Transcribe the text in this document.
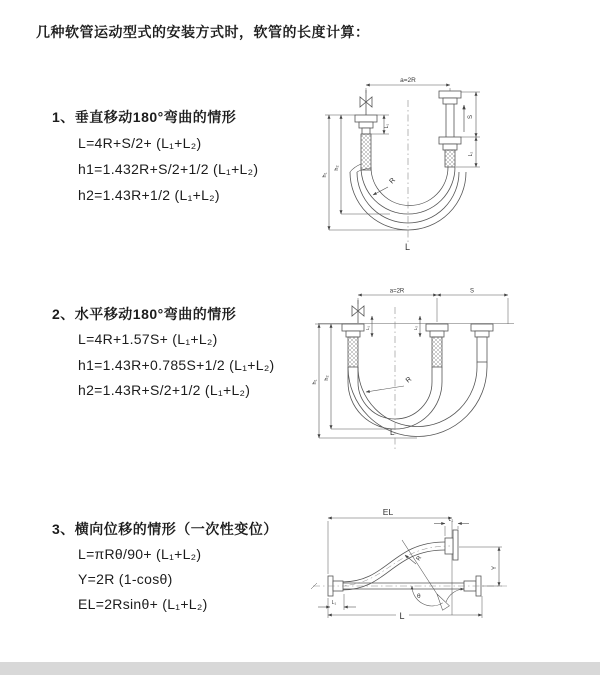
几种软管运动型式的安装方式时，软管的长度计算：
1、垂直移动180°弯曲的情形
L=4R+S/2+ (L₁+L₂)
h1=1.432R+S/2+1/2 (L₁+L₂)
h2=1.43R+1/2 (L₁+L₂)
a=2R
L₁
S
L₂
h₁
h₂
R
L
2、水平移动180°弯曲的情形
L=4R+1.57S+ (L₁+L₂)
h1=1.43R+0.785S+1/2 (L₁+L₂)
h2=1.43R+S/2+1/2 (L₁+L₂)
a=2R	S
L₁	L₂
h₁
h₂	R
L
3、横向位移的情形（一次性变位）
L=πRθ/90+ (L₁+L₂)
Y=2R (1-cosθ)
EL=2Rsinθ+ (L₁+L₂)
EL
L₂
Y
R
θ
L
L₁
